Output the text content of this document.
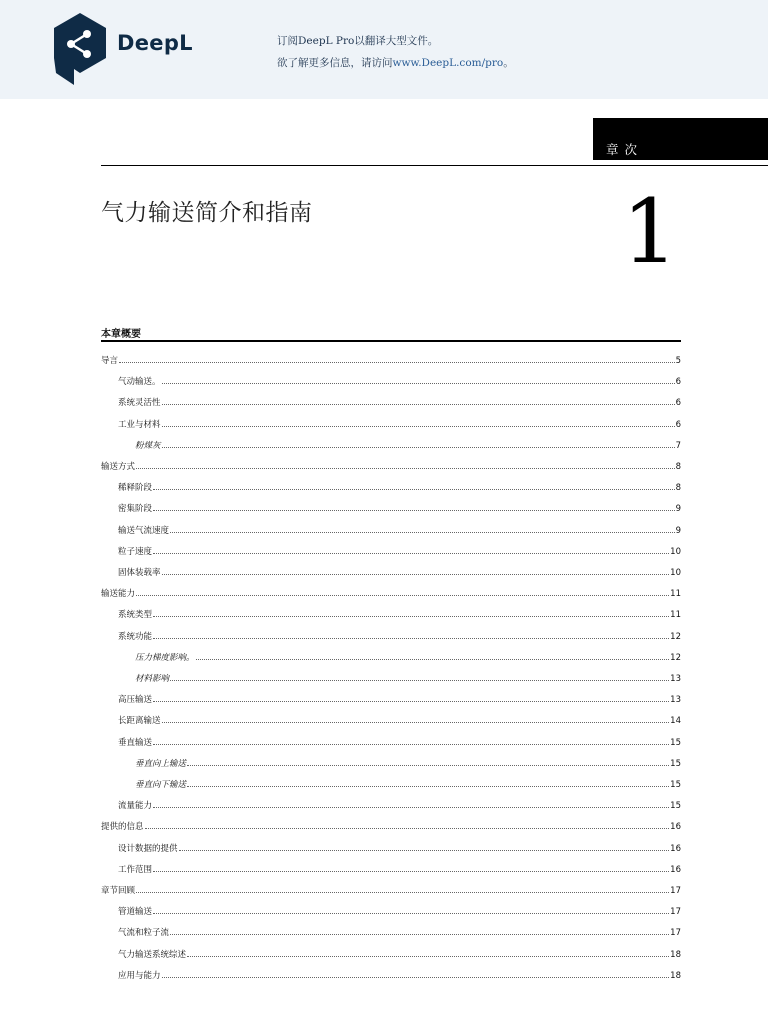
DeepL	订阅DeepL Pro以翻译大型文件。
欲了解更多信息，请访问www.DeepL.com/pro。
章次
气力输送简介和指南	1
本章概要
导言	5
气动输送。	6
系统灵活性	6
工业与材料	6
粉煤灰	7
输送方式	8
稀释阶段	8
密集阶段	9
输送气流速度	9
粒子速度	10
固体装载率	10
输送能力	11
系统类型	11
系统功能	12
压力梯度影响。	12
材料影响	13
高压输送	13
长距离输送	14
垂直输送	15
垂直向上输送	15
垂直向下输送	15
流量能力	15
提供的信息	16
设计数据的提供	16
工作范围	16
章节回顾	17
管道输送	17
气流和粒子流	17
气力输送系统综述	18
应用与能力	18
